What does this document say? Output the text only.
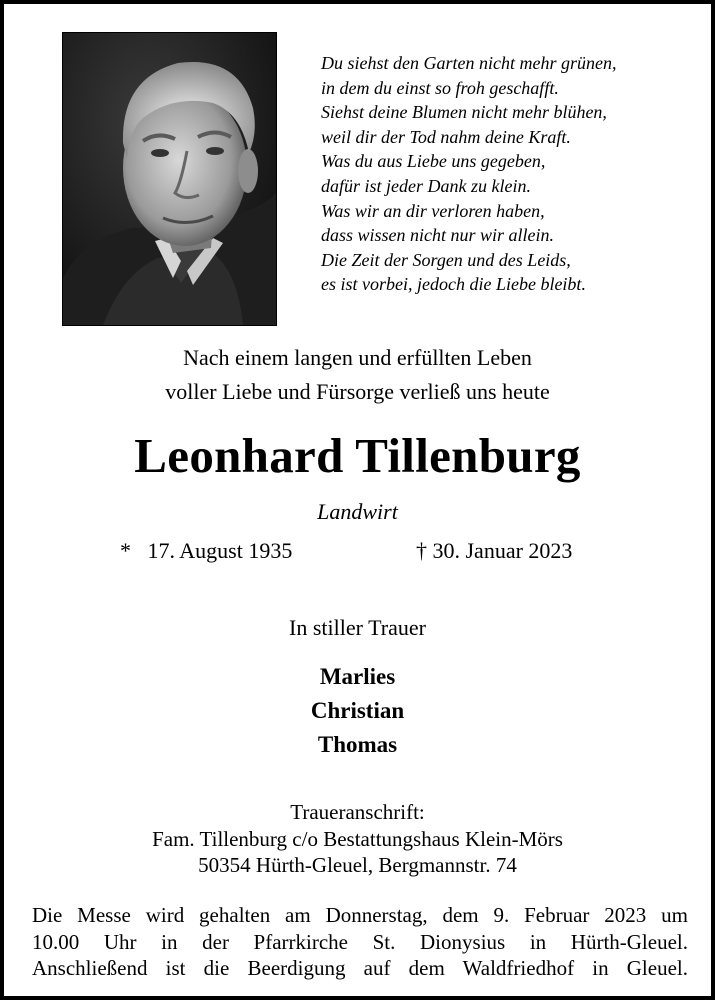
Du siehst den Garten nicht mehr grünen,
in dem du einst so froh geschafft.
Siehst deine Blumen nicht mehr blühen,
weil dir der Tod nahm deine Kraft.
Was du aus Liebe uns gegeben,
dafür ist jeder Dank zu klein.
Was wir an dir verloren haben,
dass wissen nicht nur wir allein.
Die Zeit der Sorgen und des Leids,
es ist vorbei, jedoch die Liebe bleibt.
Nach einem langen und erfüllten Leben
voller Liebe und Fürsorge verließ uns heute
Leonhard Tillenburg
Landwirt
*   17. August 1935	† 30. Januar 2023
In stiller Trauer
Marlies
Christian
Thomas
Traueranschrift:
Fam. Tillenburg c/o Bestattungshaus Klein-Mörs
50354 Hürth-Gleuel, Bergmannstr. 74
Die Messe wird gehalten am Donnerstag, dem 9. Februar 2023 um
10.00 Uhr in der Pfarrkirche St. Dionysius in Hürth-Gleuel.
Anschließend ist die Beerdigung auf dem Waldfriedhof in Gleuel.
